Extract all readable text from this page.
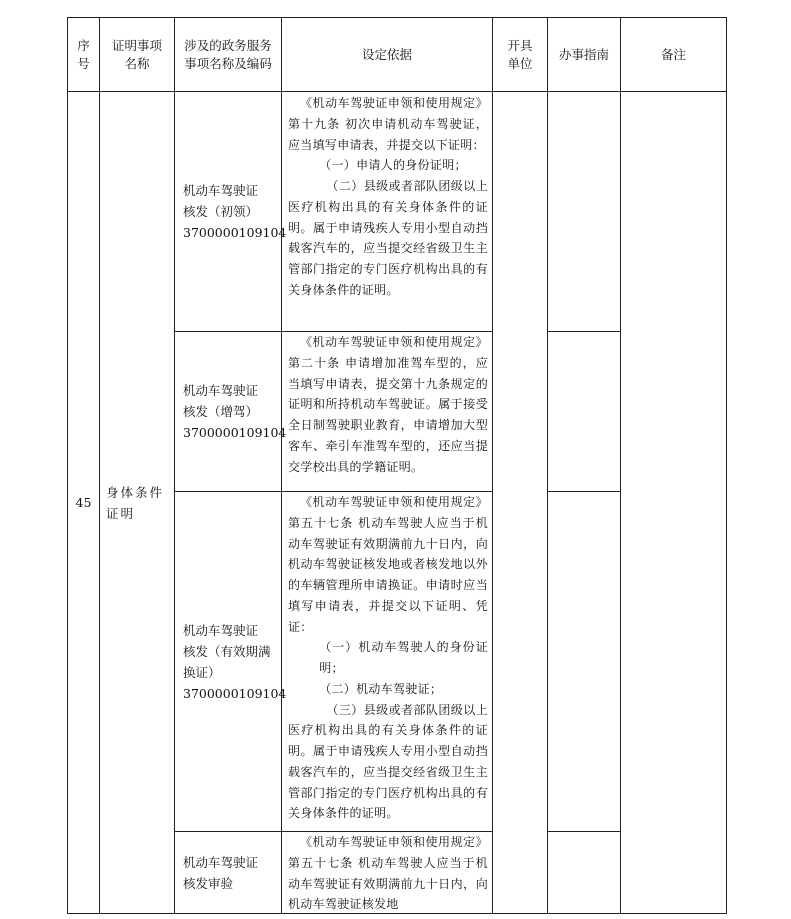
序号
证明事项名称
涉及的政务服务事项名称及编码
设定依据
开具单位
办事指南	备注
45
身体条件证明
机动车驾驶证
核发（初领）
3700000109104

《机动车驾驶证申领和使用规定》第十九条 初次申请机动车驾驶证，应当填写申请表，并提交以下证明：

（一）申请人的身份证明；

（二）县级或者部队团级以上医疗机构出具的有关身体条件的证明。属于申请残疾人专用小型自动挡载客汽车的，应当提交经省级卫生主管部门指定的专门医疗机构出具的有关身体条件的证明。

机动车驾驶证
核发（增驾）
3700000109104

《机动车驾驶证申领和使用规定》第二十条 申请增加准驾车型的，应当填写申请表，提交第十九条规定的证明和所持机动车驾驶证。属于接受全日制驾驶职业教育，申请增加大型客车、牵引车准驾车型的，还应当提交学校出具的学籍证明。

机动车驾驶证
核发（有效期满
换证）
3700000109104

《机动车驾驶证申领和使用规定》第五十七条 机动车驾驶人应当于机动车驾驶证有效期满前九十日内，向机动车驾驶证核发地或者核发地以外的车辆管理所申请换证。申请时应当填写申请表，并提交以下证明、凭证：

（一）机动车驾驶人的身份证明；

（二）机动车驾驶证；

（三）县级或者部队团级以上医疗机构出具的有关身体条件的证明。属于申请残疾人专用小型自动挡载客汽车的，应当提交经省级卫生主管部门指定的专门医疗机构出具的有关身体条件的证明。

机动车驾驶证
核发审验

《机动车驾驶证申领和使用规定》第五十七条 机动车驾驶人应当于机动车驾驶证有效期满前九十日内，向机动车驾驶证核发地
